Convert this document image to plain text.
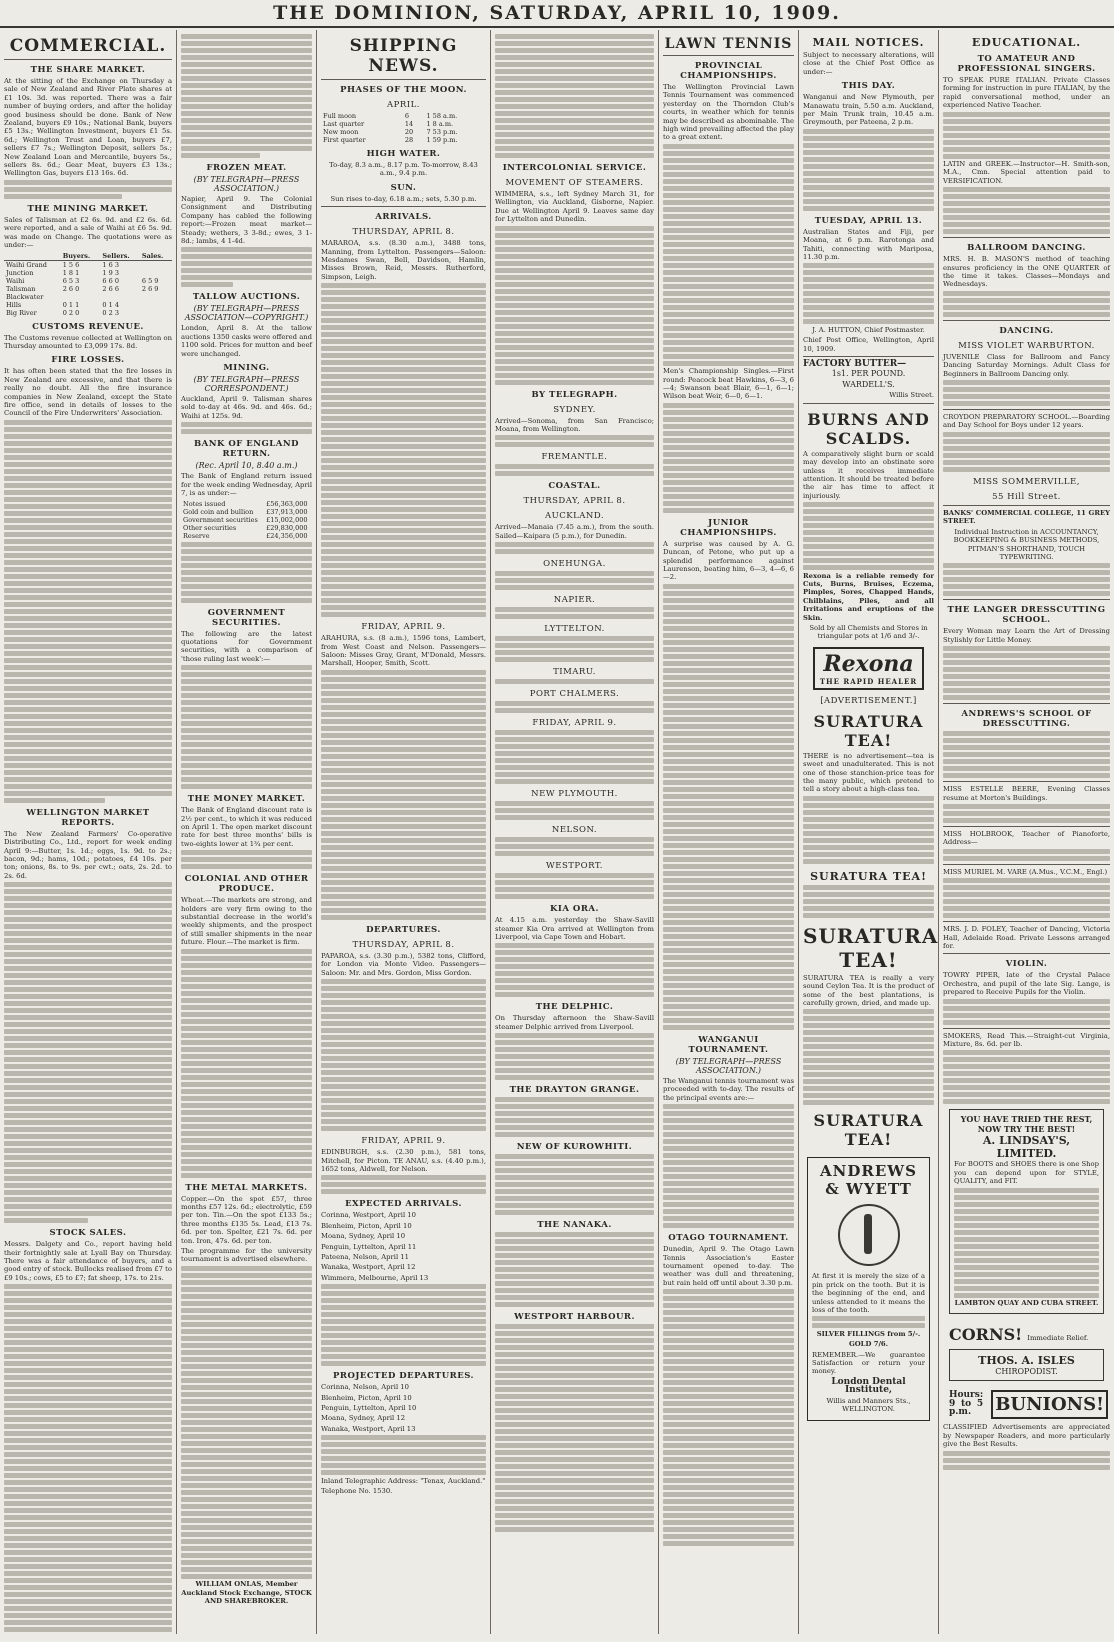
THE DOMINION, SATURDAY, APRIL 10, 1909.
COMMERCIAL.
THE SHARE MARKET.
At the sitting of the Exchange on Thursday a sale of New Zealand and River Plate shares at £1 10s. 3d. was reported. There was a fair number of buying orders, and after the holiday good business should be done. Bank of New Zealand, buyers £9 10s.; National Bank, buyers £5 13s.; Wellington Investment, buyers £1 5s. 6d.; Wellington Trust and Loan, buyers £7, sellers £7 7s.; Wellington Deposit, sellers 5s.; New Zealand Loan and Mercantile, buyers 5s., sellers 8s. 6d.; Gear Meat, buyers £3 13s.; Wellington Gas, buyers £13 16s. 6d.
THE MINING MARKET.
Sales of Talisman at £2 6s. 9d. and £2 6s. 6d. were reported, and a sale of Waihi at £6 5s. 9d. was made on Change. The quotations were as under:—
	Buyers.	Sellers.	Sales.
Waihi Grand	1 5 6	1 6 3	
Junction	1 8 1	1 9 3	
Waihi	6 5 3	6 6 0	6 5 9
Talisman	2 6 0	2 6 6	2 6 9
Blackwater			
Hills	0 1 1	0 1 4	
Big River	0 2 0	0 2 3	
CUSTOMS REVENUE.
The Customs revenue collected at Wellington on Thursday amounted to £3,099 17s. 8d.
FIRE LOSSES.
It has often been stated that the fire losses in New Zealand are excessive, and that there is really no doubt. All the fire insurance companies in New Zealand, except the State fire office, send in details of losses to the Council of the Fire Underwriters' Association.
WELLINGTON MARKET REPORTS.
The New Zealand Farmers' Co-operative Distributing Co., Ltd., report for week ending April 9:—Butter, 1s. 1d.; eggs, 1s. 9d. to 2s.; bacon, 9d.; hams, 10d.; potatoes, £4 10s. per ton; onions, 8s. to 9s. per cwt.; oats, 2s. 2d. to 2s. 6d.
STOCK SALES.
Messrs. Dalgety and Co., report having held their fortnightly sale at Lyall Bay on Thursday. There was a fair attendance of buyers, and a good entry of stock. Bullocks realised from £7 to £9 10s.; cows, £5 to £7; fat sheep, 17s. to 21s.
FROZEN MEAT.
(BY TELEGRAPH—PRESS ASSOCIATION.)
Napier, April 9. The Colonial Consignment and Distributing Company has cabled the following report:—Frozen meat market—Steady; wethers, 3 3-8d.; ewes, 3 1-8d.; lambs, 4 1-4d.
TALLOW AUCTIONS.
(BY TELEGRAPH—PRESS ASSOCIATION—COPYRIGHT.)
London, April 8. At the tallow auctions 1350 casks were offered and 1100 sold. Prices for mutton and beef were unchanged.
MINING.
(BY TELEGRAPH—PRESS CORRESPONDENT.)
Auckland, April 9. Talisman shares sold to-day at 46s. 9d. and 46s. 6d.; Waihi at 125s. 9d.
BANK OF ENGLAND RETURN.
(Rec. April 10, 8.40 a.m.)
The Bank of England return issued for the week ending Wednesday, April 7, is as under:—
Notes issued	£56,363,000
Gold coin and bullion	£37,913,000
Government securities	£15,002,000
Other securities	£29,830,000
Reserve	£24,356,000
GOVERNMENT SECURITIES.
The following are the latest quotations for Government securities, with a comparison of 'those ruling last week':—
THE MONEY MARKET.
The Bank of England discount rate is 2½ per cent., to which it was reduced on April 1. The open market discount rate for best three months' bills is two-eights lower at 1¾ per cent.
COLONIAL AND OTHER PRODUCE.
Wheat.—The markets are strong, and holders are very firm owing to the substantial decrease in the world's weekly shipments, and the prospect of still smaller shipments in the near future. Flour.—The market is firm.
THE METAL MARKETS.
Copper.—On the spot £57, three months £57 12s. 6d.; electrolytic, £59 per ton. Tin.—On the spot £133 5s.; three months £135 5s. Lead, £13 7s. 6d. per ton. Spelter, £21 7s. 6d. per ton. Iron, 47s. 6d. per ton.
The programme for the university tournament is advertised elsewhere.
WILLIAM ONLAS, Member Auckland Stock Exchange, STOCK AND SHAREBROKER.
SHIPPING NEWS.
PHASES OF THE MOON.
APRIL.
Full moon	6	1 58 a.m.
Last quarter	14	1 8 a.m.
New moon	20	7 53 p.m.
First quarter	28	1 59 p.m.
HIGH WATER.
To-day, 8.3 a.m., 8.17 p.m. To-morrow, 8.43 a.m., 9.4 p.m.
SUN.
Sun rises to-day, 6.18 a.m.; sets, 5.30 p.m.
ARRIVALS.
THURSDAY, APRIL 8.
MARAROA, s.s. (8.30 a.m.), 3488 tons, Manning, from Lyttelton. Passengers—Saloon: Mesdames Swan, Bell, Davidson, Hamlin, Misses Brown, Reid, Messrs. Rutherford, Simpson, Leigh.
FRIDAY, APRIL 9.
ARAHURA, s.s. (8 a.m.), 1596 tons, Lambert, from West Coast and Nelson. Passengers—Saloon: Misses Gray, Grant, M'Donald, Messrs. Marshall, Hooper, Smith, Scott.
DEPARTURES.
THURSDAY, APRIL 8.
PAPAROA, s.s. (3.30 p.m.), 5382 tons, Clifford, for London via Monte Video. Passengers—Saloon: Mr. and Mrs. Gordon, Miss Gordon.
FRIDAY, APRIL 9.
EDINBURGH, s.s. (2.30 p.m.), 581 tons, Mitchell, for Picton. TE ANAU, s.s. (4.40 p.m.), 1652 tons, Aldwell, for Nelson.
EXPECTED ARRIVALS.
Corinna, Westport, April 10
Blenheim, Picton, April 10
Moana, Sydney, April 10
Penguin, Lyttelton, April 11
Pateena, Nelson, April 11
Wanaka, Westport, April 12
Wimmera, Melbourne, April 13
PROJECTED DEPARTURES.
Corinna, Nelson, April 10
Blenheim, Picton, April 10
Penguin, Lyttelton, April 10
Moana, Sydney, April 12
Wanaka, Westport, April 13
Inland Telegraphic Address: "Tenax, Auckland."
Telephone No. 1530.
INTERCOLONIAL SERVICE.
MOVEMENT OF STEAMERS.
WIMMERA, s.s., left Sydney March 31, for Wellington, via Auckland, Gisborne, Napier. Due at Wellington April 9. Leaves same day for Lyttelton and Dunedin.
BY TELEGRAPH.
SYDNEY.
Arrived—Sonoma, from San Francisco; Moana, from Wellington.
FREMANTLE.
COASTAL.
THURSDAY, APRIL 8.
AUCKLAND.
Arrived—Manaia (7.45 a.m.), from the south. Sailed—Kaipara (5 p.m.), for Dunedin.
ONEHUNGA.
NAPIER.
LYTTELTON.
TIMARU.
PORT CHALMERS.
FRIDAY, APRIL 9.
NEW PLYMOUTH.
NELSON.
WESTPORT.
KIA ORA.
At 4.15 a.m. yesterday the Shaw-Savill steamer Kia Ora arrived at Wellington from Liverpool, via Cape Town and Hobart.
THE DELPHIC.
On Thursday afternoon the Shaw-Savill steamer Delphic arrived from Liverpool.
THE DRAYTON GRANGE.
NEW OF KUROWHITI.
THE NANAKA.
WESTPORT HARBOUR.
LAWN TENNIS
PROVINCIAL CHAMPIONSHIPS.
The Wellington Provincial Lawn Tennis Tournament was commenced yesterday on the Thorndon Club's courts, in weather which for tennis may be described as abominable. The high wind prevailing affected the play to a great extent.
Men's Championship Singles.—First round: Peacock beat Hawkins, 6—3, 6—4; Swanson beat Blair, 6—1, 6—1; Wilson beat Weir, 6—0, 6—1.
JUNIOR CHAMPIONSHIPS.
A surprise was caused by A. G. Duncan, of Petone, who put up a splendid performance against Laurenson, beating him, 6—3, 4—6, 6—2.
WANGANUI TOURNAMENT.
(BY TELEGRAPH—PRESS ASSOCIATION.)
The Wanganui tennis tournament was proceeded with to-day. The results of the principal events are:—
OTAGO TOURNAMENT.
Dunedin, April 9. The Otago Lawn Tennis Association's Easter tournament opened to-day. The weather was dull and threatening, but rain held off until about 3.30 p.m.
MAIL NOTICES.
Subject to necessary alterations, will close at the Chief Post Office as under:—
THIS DAY.
Wanganui and New Plymouth, per Manawatu train, 5.50 a.m. Auckland, per Main Trunk train, 10.45 a.m. Greymouth, per Pateena, 2 p.m.
TUESDAY, APRIL 13.
Australian States and Fiji, per Moana, at 6 p.m. Rarotonga and Tahiti, connecting with Mariposa, 11.30 p.m.
J. A. HUTTON, Chief Postmaster.
Chief Post Office, Wellington, April 10, 1909.
FACTORY BUTTER—
1s1. PER POUND.
WARDELL'S.
Willis Street.
BURNS AND SCALDS.
A comparatively slight burn or scald may develop into an obstinate sore unless it receives immediate attention. It should be treated before the air has time to affect it injuriously.
Rexona is a reliable remedy for Cuts, Burns, Bruises, Eczema, Pimples, Sores, Chapped Hands, Chilblains, Piles, and all Irritations and eruptions of the Skin.
Sold by all Chemists and Stores in triangular pots at 1/6 and 3/-.
Rexona
THE RAPID HEALER
[ADVERTISEMENT.]
SURATURA TEA!
THERE is no advertisement—tea is sweet and unadulterated. This is not one of those stanchion-price teas for the many public, which pretend to tell a story about a high-class tea.
SURATURA TEA!
SURATURA TEA!
SURATURA TEA is really a very sound Ceylon Tea. It is the product of some of the best plantations, is carefully grown, dried, and made up.
SURATURA TEA!
ANDREWS & WYETT
At first it is merely the size of a pin prick on the tooth. But it is the beginning of the end, and unless attended to it means the loss of the tooth.
SILVER FILLINGS from 5/-.
GOLD 7/6.
REMEMBER.—We guarantee Satisfaction or return your money.
London Dental Institute,
Willis and Manners Sts., WELLINGTON.
EDUCATIONAL.
TO AMATEUR AND PROFESSIONAL SINGERS.
TO SPEAK PURE ITALIAN. Private Classes forming for instruction in pure ITALIAN, by the rapid conversational method, under an experienced Native Teacher.
LATIN and GREEK.—Instructor—H. Smith-son, M.A., Cmn. Special attention paid to VERSIFICATION.
BALLROOM DANCING.
MRS. H. B. MASON'S method of teaching ensures proficiency in the ONE QUARTER of the time it takes. Classes—Mondays and Wednesdays.
DANCING.
MISS VIOLET WARBURTON.
JUVENILE Class for Ballroom and Fancy Dancing Saturday Mornings. Adult Class for Beginners in Ballroom Dancing only.
CROYDON PREPARATORY SCHOOL.—Boarding and Day School for Boys under 12 years.
MISS SOMMERVILLE,
55 Hill Street.
BANKS' COMMERCIAL COLLEGE, 11 GREY STREET.
Individual Instruction in ACCOUNTANCY, BOOKKEEPING & BUSINESS METHODS, PITMAN'S SHORTHAND, TOUCH TYPEWRITING.
THE LANGER DRESSCUTTING SCHOOL.
Every Woman may Learn the Art of Dressing Stylishly for Little Money.
ANDREWS'S SCHOOL OF DRESSCUTTING.
MISS ESTELLE BEERE, Evening Classes resume at Morton's Buildings.
MISS HOLBROOK, Teacher of Pianoforte, Address—
MISS MURIEL M. VARE (A.Mus., V.C.M., Engl.)
MRS. J. D. FOLEY, Teacher of Dancing, Victoria Hall, Adelaide Road. Private Lessons arranged for.
VIOLIN.
TOWRY PIPER, late of the Crystal Palace Orchestra, and pupil of the late Sig. Lange, is prepared to Receive Pupils for the Violin.
SMOKERS, Read This.—Straight-cut Virginia, Mixture, 8s. 6d. per lb.
YOU HAVE TRIED THE REST, NOW TRY THE BEST!
A. LINDSAY'S, LIMITED.
For BOOTS and SHOES there is one Shop you can depend upon for STYLE, QUALITY, and FIT.
LAMBTON QUAY AND CUBA STREET.
CORNS! Immediate Relief.
THOS. A. ISLES
CHIROPODIST.
Hours: 9 to 5 p.m.	BUNIONS!
CLASSIFIED Advertisements are appreciated by Newspaper Readers, and more particularly give the Best Results.
